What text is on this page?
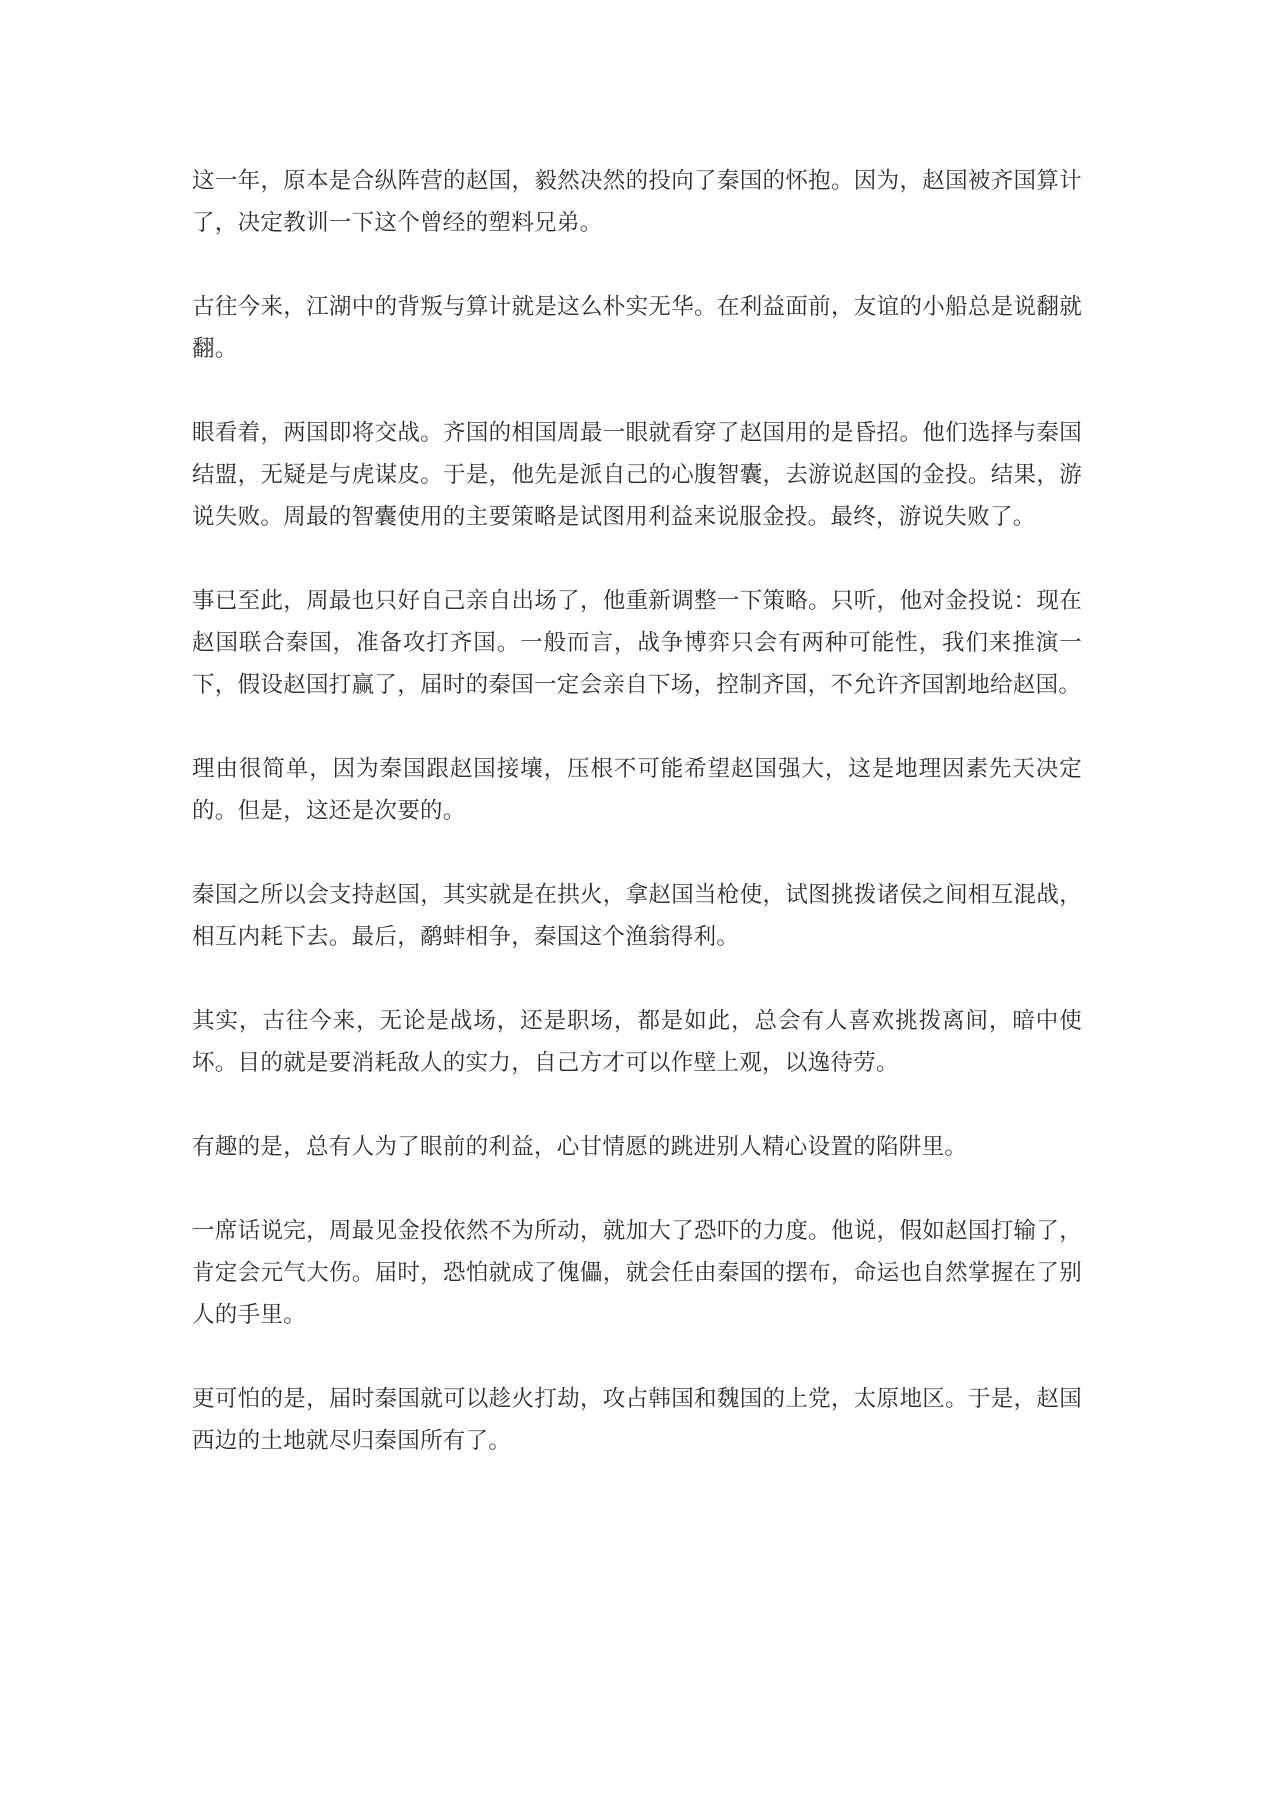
这一年，原本是合纵阵营的赵国，毅然决然的投向了秦国的怀抱。因为，赵国被齐国算计了，决定教训一下这个曾经的塑料兄弟。

古往今来，江湖中的背叛与算计就是这么朴实无华。在利益面前，友谊的小船总是说翻就翻。

眼看着，两国即将交战。齐国的相国周最一眼就看穿了赵国用的是昏招。他们选择与秦国结盟，无疑是与虎谋皮。于是，他先是派自己的心腹智囊，去游说赵国的金投。结果，游说失败。周最的智囊使用的主要策略是试图用利益来说服金投。最终，游说失败了。

事已至此，周最也只好自己亲自出场了，他重新调整一下策略。只听，他对金投说：现在赵国联合秦国，准备攻打齐国。一般而言，战争博弈只会有两种可能性，我们来推演一下，假设赵国打赢了，届时的秦国一定会亲自下场，控制齐国，不允许齐国割地给赵国。

理由很简单，因为秦国跟赵国接壤，压根不可能希望赵国强大，这是地理因素先天决定的。但是，这还是次要的。

秦国之所以会支持赵国，其实就是在拱火，拿赵国当枪使，试图挑拨诸侯之间相互混战，相互内耗下去。最后，鹬蚌相争，秦国这个渔翁得利。

其实，古往今来，无论是战场，还是职场，都是如此，总会有人喜欢挑拨离间，暗中使坏。目的就是要消耗敌人的实力，自己方才可以作壁上观，以逸待劳。

有趣的是，总有人为了眼前的利益，心甘情愿的跳进别人精心设置的陷阱里。

一席话说完，周最见金投依然不为所动，就加大了恐吓的力度。他说，假如赵国打输了，肯定会元气大伤。届时，恐怕就成了傀儡，就会任由秦国的摆布，命运也自然掌握在了别人的手里。

更可怕的是，届时秦国就可以趁火打劫，攻占韩国和魏国的上党，太原地区。于是，赵国西边的土地就尽归秦国所有了。
